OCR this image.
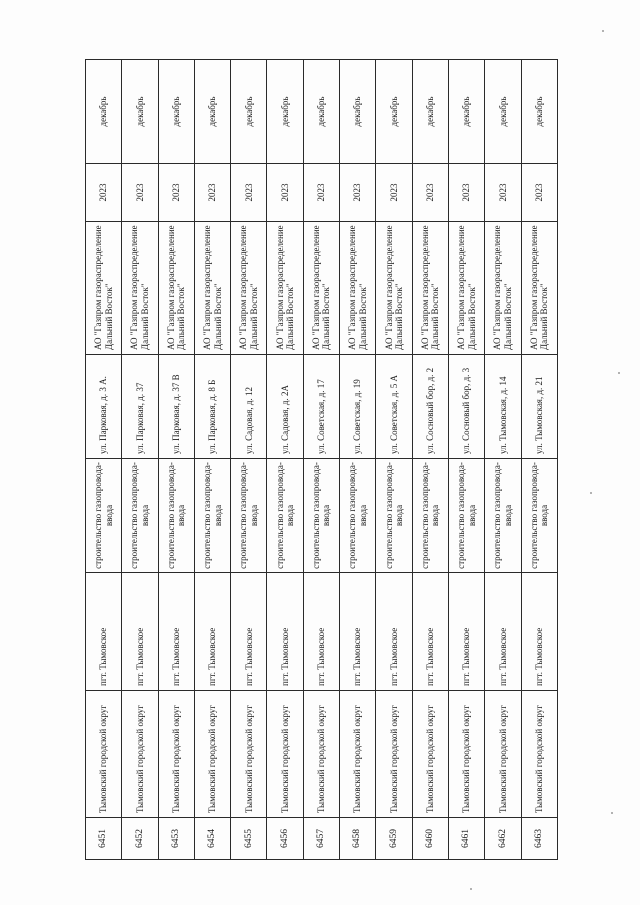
6451	Тымовский городской округ	пгт. Тымовское	строительство газопровода-ввода	ул. Парковая, д. 3 А.	АО "Газпром газораспределение Дальний Восток"	2023	декабрь
6452	Тымовский городской округ	пгт. Тымовское	строительство газопровода-ввода	ул. Парковая, д. 37	АО "Газпром газораспределение Дальний Восток"	2023	декабрь
6453	Тымовский городской округ	пгт. Тымовское	строительство газопровода-ввода	ул. Парковая, д. 37 В	АО "Газпром газораспределение Дальний Восток"	2023	декабрь
6454	Тымовский городской округ	пгт. Тымовское	строительство газопровода-ввода	ул. Парковая, д. 8 Б	АО "Газпром газораспределение Дальний Восток"	2023	декабрь
6455	Тымовский городской округ	пгт. Тымовское	строительство газопровода-ввода	ул. Садовая, д. 12	АО "Газпром газораспределение Дальний Восток"	2023	декабрь
6456	Тымовский городской округ	пгт. Тымовское	строительство газопровода-ввода	ул. Садовая, д. 2А	АО "Газпром газораспределение Дальний Восток"	2023	декабрь
6457	Тымовский городской округ	пгт. Тымовское	строительство газопровода-ввода	ул. Советская, д. 17	АО "Газпром газораспределение Дальний Восток"	2023	декабрь
6458	Тымовский городской округ	пгт. Тымовское	строительство газопровода-ввода	ул. Советская, д. 19	АО "Газпром газораспределение Дальний Восток"	2023	декабрь
6459	Тымовский городской округ	пгт. Тымовское	строительство газопровода-ввода	ул. Советская, д. 5 А	АО "Газпром газораспределение Дальний Восток"	2023	декабрь
6460	Тымовский городской округ	пгт. Тымовское	строительство газопровода-ввода	ул. Сосновый бор, д. 2	АО "Газпром газораспределение Дальний Восток"	2023	декабрь
6461	Тымовский городской округ	пгт. Тымовское	строительство газопровода-ввода	ул. Сосновый бор, д. 3	АО "Газпром газораспределение Дальний Восток"	2023	декабрь
6462	Тымовский городской округ	пгт. Тымовское	строительство газопровода-ввода	ул. Тымовская, д. 14	АО "Газпром газораспределение Дальний Восток"	2023	декабрь
6463	Тымовский городской округ	пгт. Тымовское	строительство газопровода-ввода	ул. Тымовская, д. 21	АО "Газпром газораспределение Дальний Восток"	2023	декабрь
